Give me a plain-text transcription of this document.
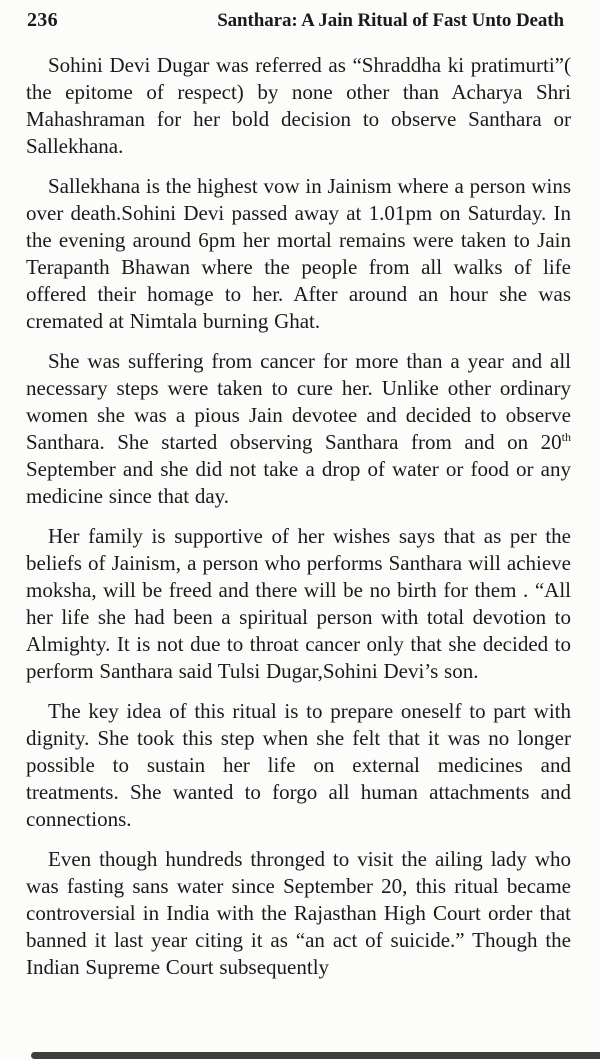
236	Santhara: A Jain Ritual of Fast Unto Death

Sohini Devi Dugar was referred as “Shraddha ki pratimurti”( the epitome of respect) by none other than Acharya Shri Mahashraman for her bold decision to observe Santhara or Sallekhana.

Sallekhana is the highest vow in Jainism where a person wins over death.Sohini Devi passed away at 1.01pm on Saturday. In the evening around 6pm her mortal remains were taken to Jain Terapanth Bhawan where the people from all walks of life offered their homage to her. After around an hour she was cremated at Nimtala burning Ghat.

She was suffering from cancer for more than a year and all necessary steps were taken to cure her. Unlike other ordinary women she was a pious Jain devotee and decided to observe Santhara. She started observing Santhara from and on 20th September and she did not take a drop of water or food or any medicine since that day.

Her family is supportive of her wishes says that as per the beliefs of Jainism, a person who performs Santhara will achieve moksha, will be freed and there will be no birth for them . “All her life she had been a spiritual person with total devotion to Almighty. It is not due to throat cancer only that she decided to perform Santhara said Tulsi Dugar,Sohini Devi’s son.

The key idea of this ritual is to prepare oneself to part with dignity. She took this step when she felt that it was no longer possible to sustain her life on external medicines and treatments. She wanted to forgo all human attachments and connections.

Even though hundreds thronged to visit the ailing lady who was fasting sans water since September 20, this ritual became controversial in India with the Rajasthan High Court order that banned it last year citing it as “an act of suicide.” Though the Indian Supreme Court subsequently
